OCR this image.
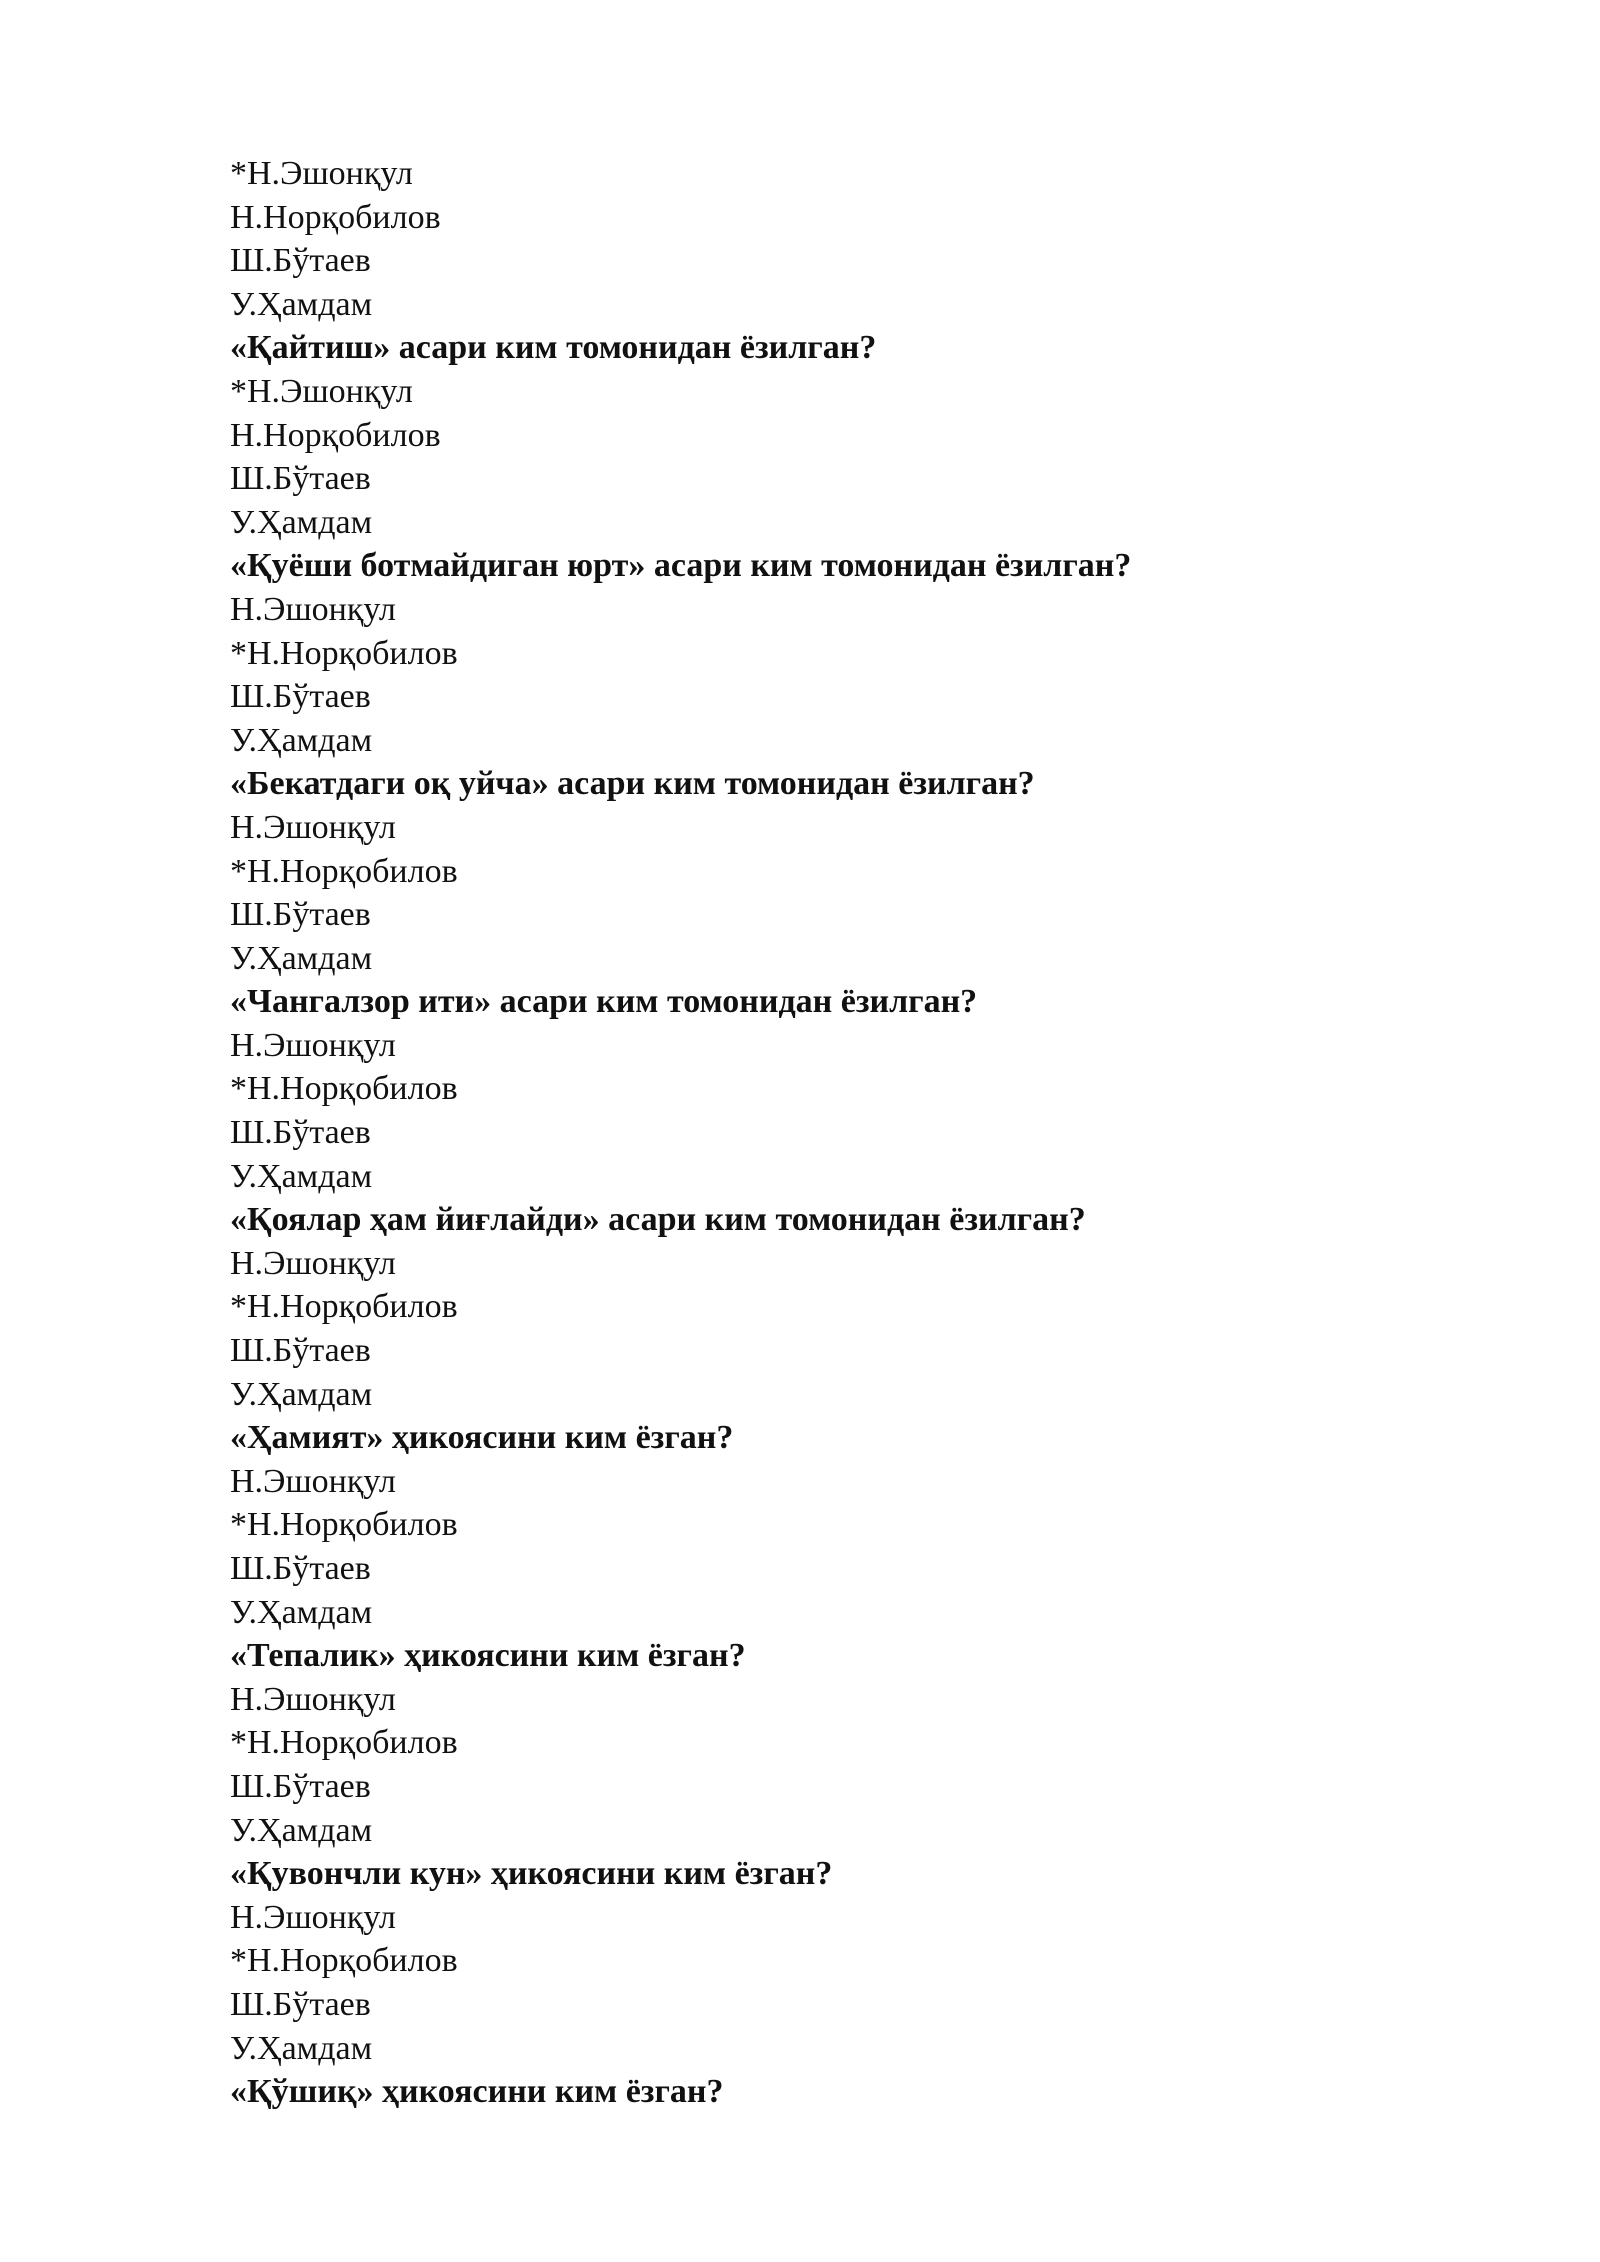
*Н.Эшонқул
Н.Норқобилов
Ш.Бўтаев
У.Ҳамдам
«Қайтиш» асари ким томонидан ёзилган?
*Н.Эшонқул
Н.Норқобилов
Ш.Бўтаев
У.Ҳамдам
«Қуёши ботмайдиган юрт» асари ким томонидан ёзилган?
Н.Эшонқул
*Н.Норқобилов
Ш.Бўтаев
У.Ҳамдам
«Бекатдаги оқ уйча» асари ким томонидан ёзилган?
Н.Эшонқул
*Н.Норқобилов
Ш.Бўтаев
У.Ҳамдам
«Чангалзор ити» асари ким томонидан ёзилган?
Н.Эшонқул
*Н.Норқобилов
Ш.Бўтаев
У.Ҳамдам
«Қоялар ҳам йиғлайди» асари ким томонидан ёзилган?
Н.Эшонқул
*Н.Норқобилов
Ш.Бўтаев
У.Ҳамдам
«Ҳамият» ҳикоясини ким ёзган?
Н.Эшонқул
*Н.Норқобилов
Ш.Бўтаев
У.Ҳамдам
«Тепалик» ҳикоясини ким ёзган?
Н.Эшонқул
*Н.Норқобилов
Ш.Бўтаев
У.Ҳамдам
«Қувончли кун» ҳикоясини ким ёзган?
Н.Эшонқул
*Н.Норқобилов
Ш.Бўтаев
У.Ҳамдам
«Қўшиқ» ҳикоясини ким ёзган?
